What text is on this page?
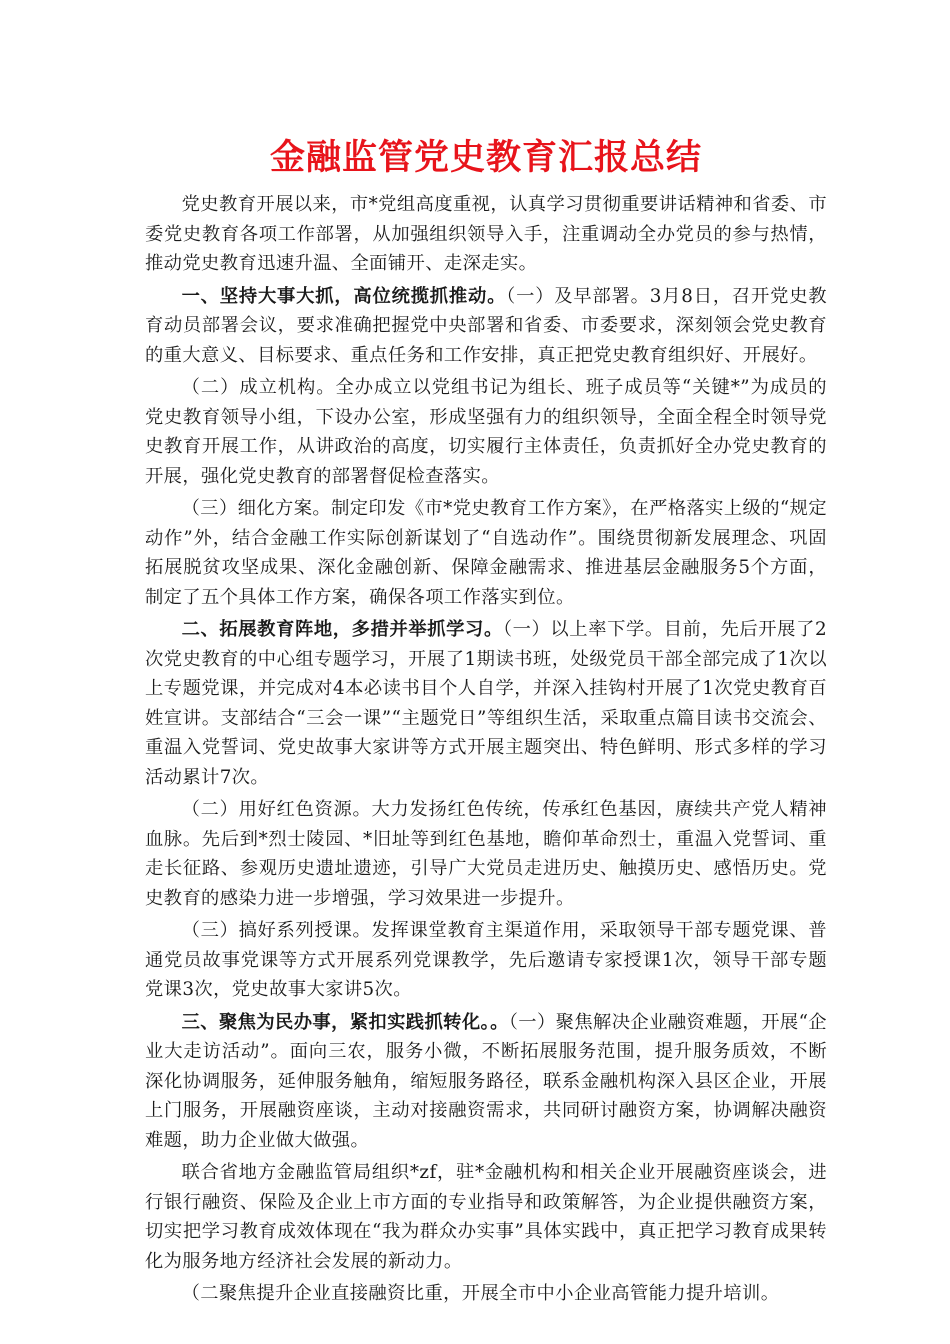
金融监管党史教育汇报总结

党史教育开展以来，市*党组高度重视，认真学习贯彻重要讲话精神和省委、市委党史教育各项工作部署，从加强组织领导入手，注重调动全办党员的参与热情，推动党史教育迅速升温、全面铺开、走深走实。

一、坚持大事大抓，高位统揽抓推动。（一）及早部署。3月8日，召开党史教育动员部署会议，要求准确把握党中央部署和省委、市委要求，深刻领会党史教育的重大意义、目标要求、重点任务和工作安排，真正把党史教育组织好、开展好。

（二）成立机构。全办成立以党组书记为组长、班子成员等“关键*”为成员的党史教育领导小组，下设办公室，形成坚强有力的组织领导，全面全程全时领导党史教育开展工作，从讲政治的高度，切实履行主体责任，负责抓好全办党史教育的开展，强化党史教育的部署督促检查落实。

（三）细化方案。制定印发《市*党史教育工作方案》，在严格落实上级的“规定动作”外，结合金融工作实际创新谋划了“自选动作”。围绕贯彻新发展理念、巩固拓展脱贫攻坚成果、深化金融创新、保障金融需求、推进基层金融服务5个方面，制定了五个具体工作方案，确保各项工作落实到位。

二、拓展教育阵地，多措并举抓学习。（一）以上率下学。目前，先后开展了2次党史教育的中心组专题学习，开展了1期读书班，处级党员干部全部完成了1次以上专题党课，并完成对4本必读书目个人自学，并深入挂钩村开展了1次党史教育百姓宣讲。支部结合“三会一课”“主题党日”等组织生活，采取重点篇目读书交流会、重温入党誓词、党史故事大家讲等方式开展主题突出、特色鲜明、形式多样的学习活动累计7次。

（二）用好红色资源。大力发扬红色传统，传承红色基因，赓续共产党人精神血脉。先后到*烈士陵园、*旧址等到红色基地，瞻仰革命烈士，重温入党誓词、重走长征路、参观历史遗址遗迹，引导广大党员走进历史、触摸历史、感悟历史。党史教育的感染力进一步增强，学习效果进一步提升。

（三）搞好系列授课。发挥课堂教育主渠道作用，采取领导干部专题党课、普通党员故事党课等方式开展系列党课教学，先后邀请专家授课1次，领导干部专题党课3次，党史故事大家讲5次。

三、聚焦为民办事，紧扣实践抓转化。。（一）聚焦解决企业融资难题，开展“企业大走访活动”。面向三农，服务小微，不断拓展服务范围，提升服务质效，不断深化协调服务，延伸服务触角，缩短服务路径，联系金融机构深入县区企业，开展上门服务，开展融资座谈，主动对接融资需求，共同研讨融资方案，协调解决融资难题，助力企业做大做强。

联合省地方金融监管局组织*zf，驻*金融机构和相关企业开展融资座谈会，进行银行融资、保险及企业上市方面的专业指导和政策解答，为企业提供融资方案，切实把学习教育成效体现在“我为群众办实事”具体实践中，真正把学习教育成果转化为服务地方经济社会发展的新动力。

（二聚焦提升企业直接融资比重，开展全市中小企业高管能力提升培训。
